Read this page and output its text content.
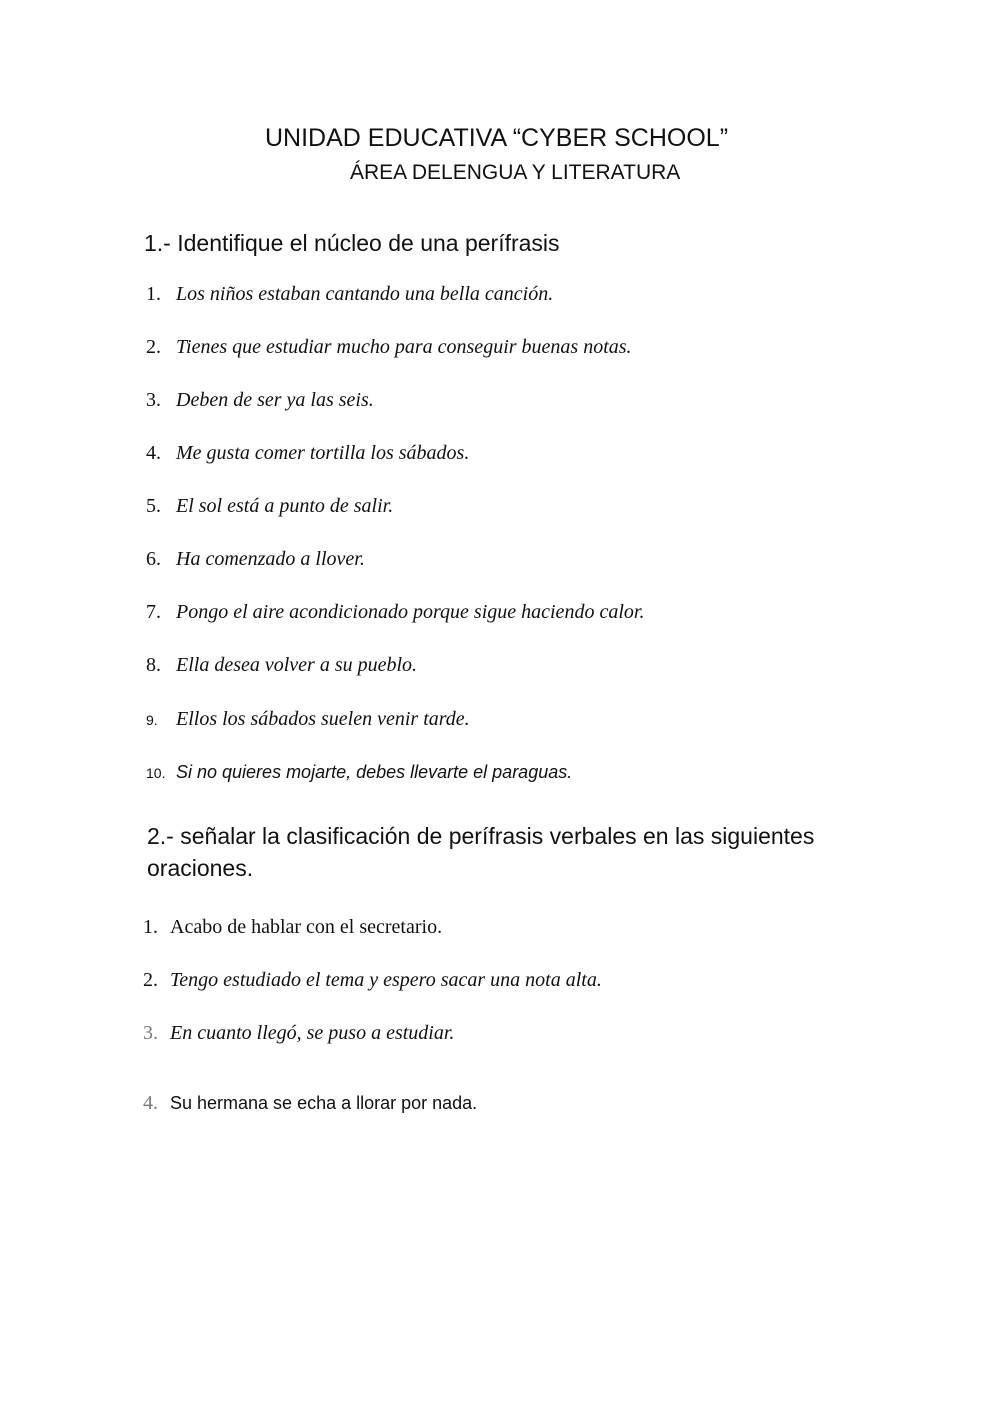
UNIDAD EDUCATIVA “CYBER SCHOOL”
ÁREA DELENGUA Y LITERATURA
1.- Identifique el núcleo de una perífrasis
1. Los niños estaban cantando una bella canción.
2. Tienes que estudiar mucho para conseguir buenas notas.
3. Deben de ser ya las seis.
4. Me gusta comer tortilla los sábados.
5. El sol está a punto de salir.
6. Ha comenzado a llover.
7. Pongo el aire acondicionado porque sigue haciendo calor.
8. Ella desea volver a su pueblo.
9. Ellos los sábados suelen venir tarde.
10. Si no quieres mojarte, debes llevarte el paraguas.
2.- señalar la clasificación de perífrasis verbales en las siguientes oraciones.
1. Acabo de hablar con el secretario.
2. Tengo estudiado el tema y espero sacar una nota alta.
3. En cuanto llegó, se puso a estudiar.
4. Su hermana se echa a llorar por nada.
